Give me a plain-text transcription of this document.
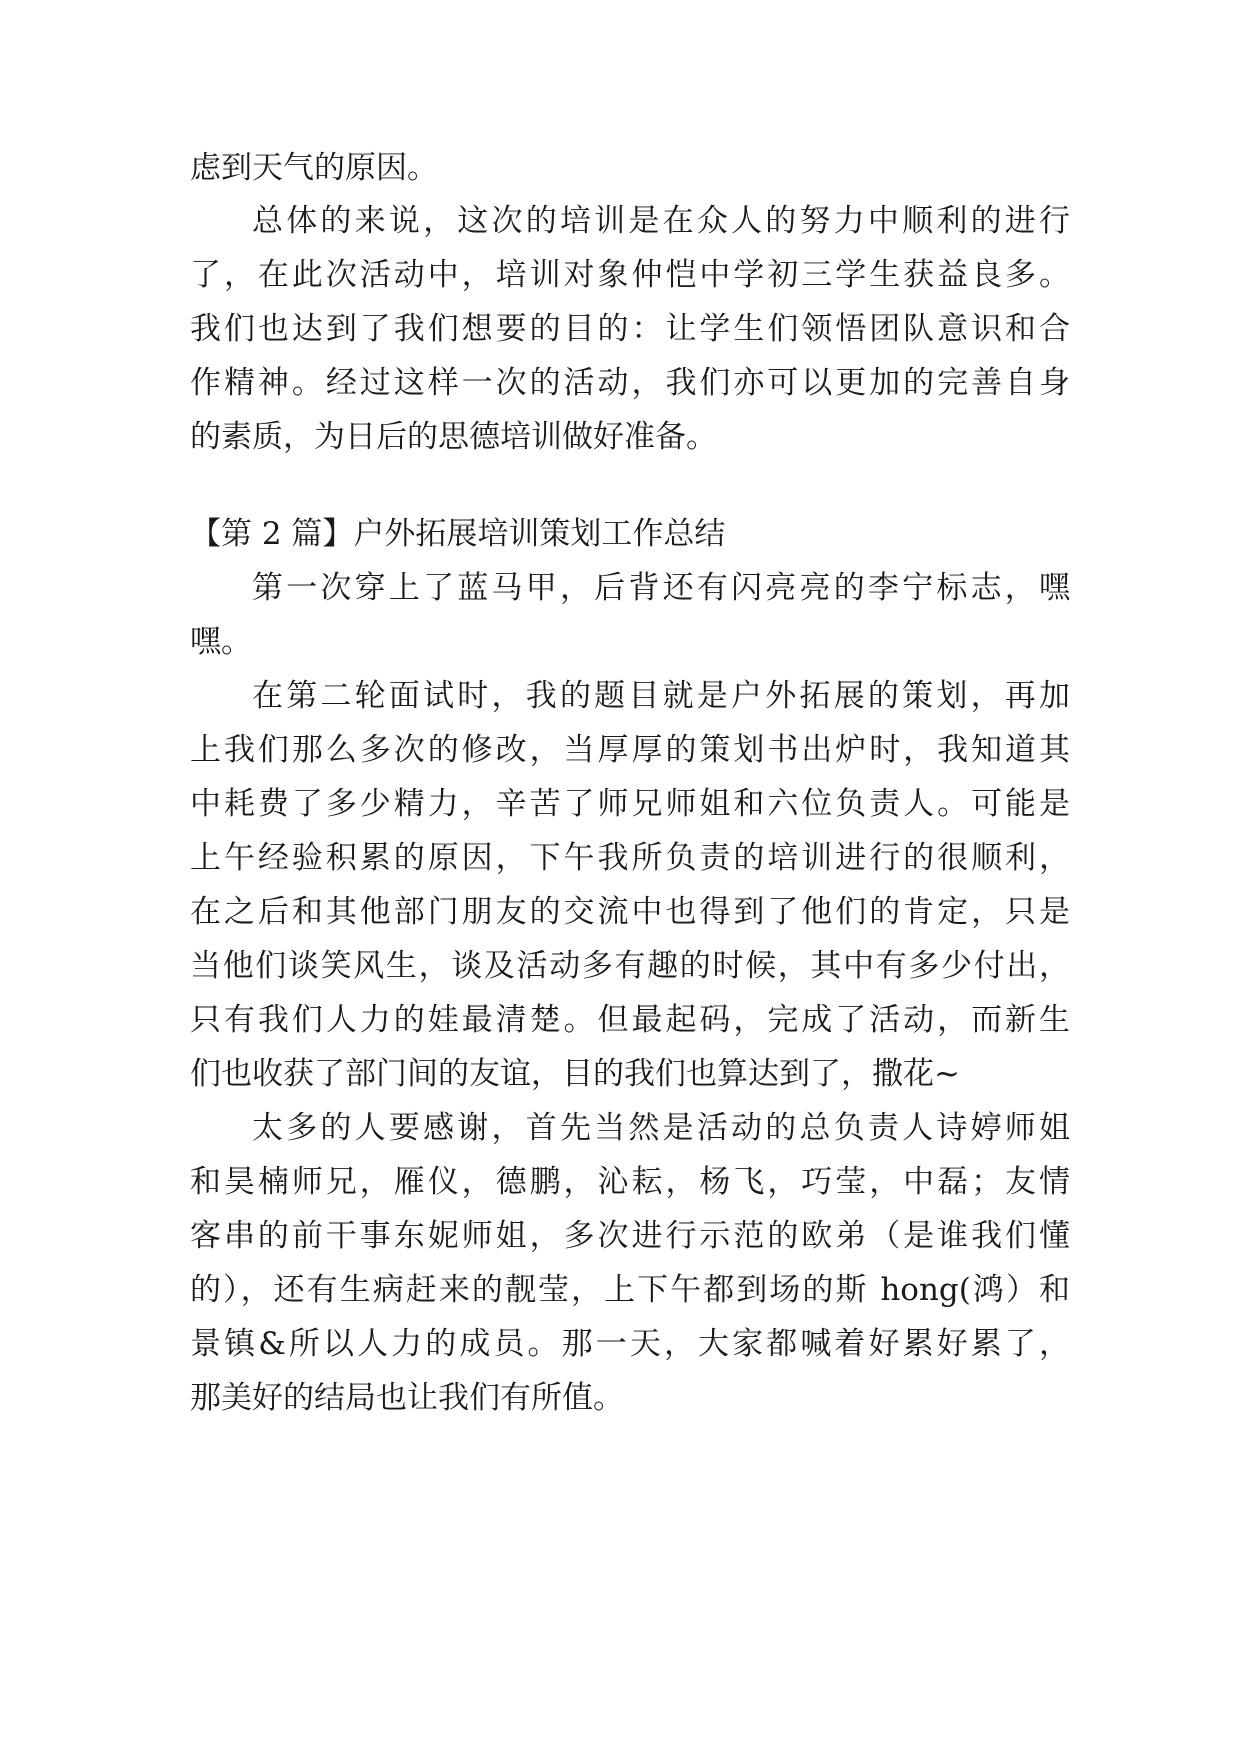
虑到天气的原因。
总体的来说，这次的培训是在众人的努力中顺利的进行
了，在此次活动中，培训对象仲恺中学初三学生获益良多。
我们也达到了我们想要的目的：让学生们领悟团队意识和合
作精神。经过这样一次的活动，我们亦可以更加的完善自身
的素质，为日后的思德培训做好准备。
【第 2 篇】户外拓展培训策划工作总结
第一次穿上了蓝马甲，后背还有闪亮亮的李宁标志，嘿
嘿。
在第二轮面试时，我的题目就是户外拓展的策划，再加
上我们那么多次的修改，当厚厚的策划书出炉时，我知道其
中耗费了多少精力，辛苦了师兄师姐和六位负责人。可能是
上午经验积累的原因，下午我所负责的培训进行的很顺利，
在之后和其他部门朋友的交流中也得到了他们的肯定，只是
当他们谈笑风生，谈及活动多有趣的时候，其中有多少付出，
只有我们人力的娃最清楚。但最起码，完成了活动，而新生
们也收获了部门间的友谊，目的我们也算达到了，撒花~
太多的人要感谢，首先当然是活动的总负责人诗婷师姐
和昊楠师兄，雁仪，德鹏，沁耘，杨飞，巧莹，中磊；友情
客串的前干事东妮师姐，多次进行示范的欧弟（是谁我们懂
的），还有生病赶来的靓莹，上下午都到场的斯 hong(鸿）和
景镇&所以人力的成员。那一天，大家都喊着好累好累了，
那美好的结局也让我们有所值。
